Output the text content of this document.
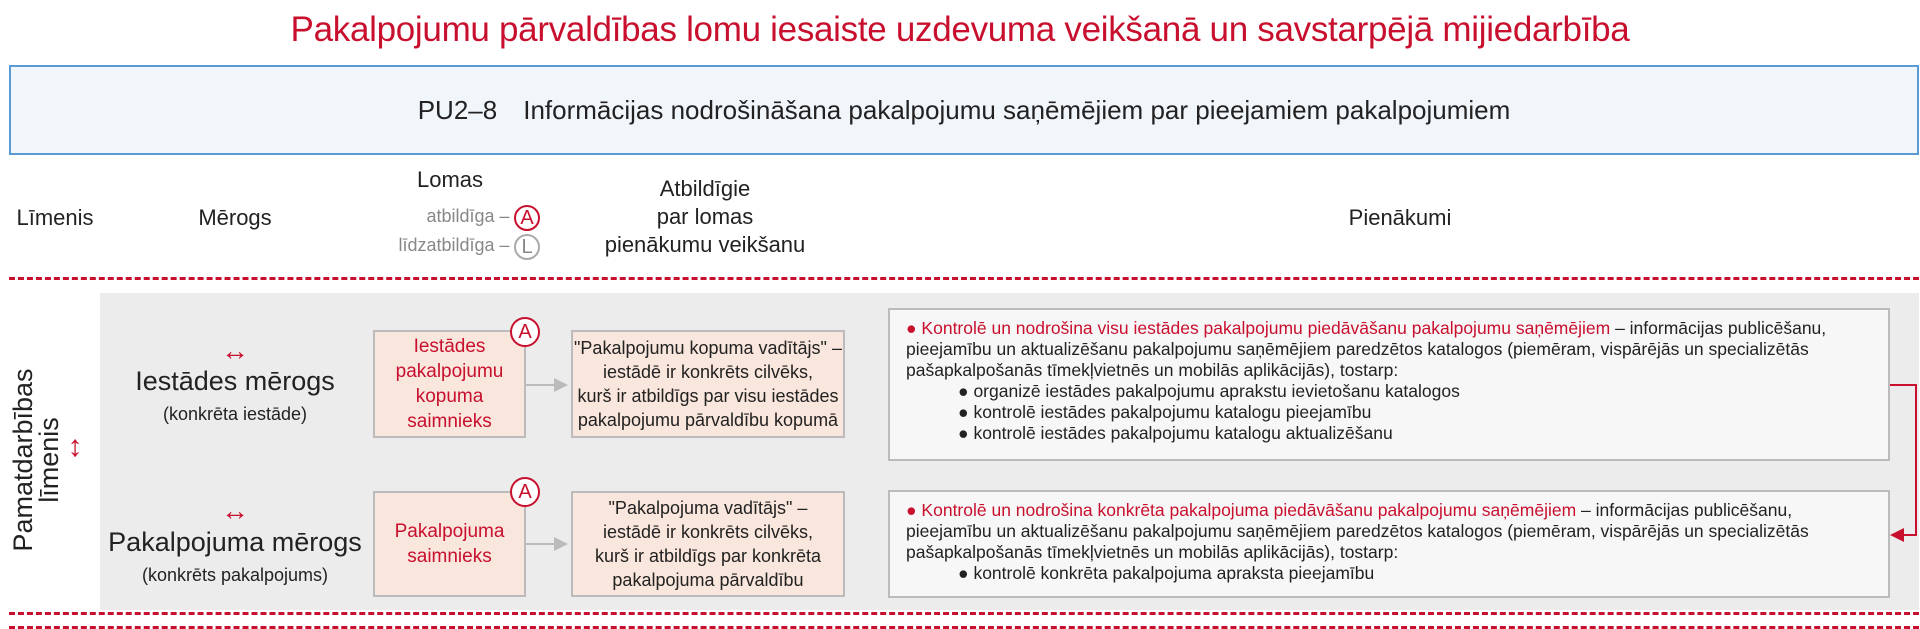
Pakalpojumu pārvaldības lomu iesaiste uzdevuma veikšanā un savstarpējā mijiedarbība
PU2–8 Informācijas nodrošināšana pakalpojumu saņēmējiem par pieejamiem pakalpojumiem
Līmenis	Mērogs
Lomas
atbildīga – A
līdzatbildīga – L
Atbildīgie
par lomas
pienākumu veikšanu
Pienākumi
Pamatdarbības
līmenis ↕
↔
Iestādes mērogs
(konkrēta iestāde)
Iestādes
pakalpojumu
kopuma
saimnieks
A
"Pakalpojumu kopuma vadītājs" –
iestādē ir konkrēts cilvēks,
kurš ir atbildīgs par visu iestādes
pakalpojumu pārvaldību kopumā
● Kontrolē un nodrošina visu iestādes pakalpojumu piedāvāšanu pakalpojumu saņēmējiem – informācijas publicēšanu, pieejamību un aktualizēšanu pakalpojumu saņēmējiem paredzētos katalogos (piemēram, vispārējās un specializētās pašapkalpošanās tīmekļvietnēs un mobilās aplikācijās), tostarp:
● organizē iestādes pakalpojumu aprakstu ievietošanu katalogos
● kontrolē iestādes pakalpojumu katalogu pieejamību
● kontrolē iestādes pakalpojumu katalogu aktualizēšanu
↔
Pakalpojuma mērogs
(konkrēts pakalpojums)
Pakalpojuma
saimnieks
A
"Pakalpojuma vadītājs" –
iestādē ir konkrēts cilvēks,
kurš ir atbildīgs par konkrēta
pakalpojuma pārvaldību
● Kontrolē un nodrošina konkrēta pakalpojuma piedāvāšanu pakalpojumu saņēmējiem – informācijas publicēšanu, pieejamību un aktualizēšanu pakalpojumu saņēmējiem paredzētos katalogos (piemēram, vispārējās un specializētās pašapkalpošanās tīmekļvietnēs un mobilās aplikācijās), tostarp:
● kontrolē konkrēta pakalpojuma apraksta pieejamību
